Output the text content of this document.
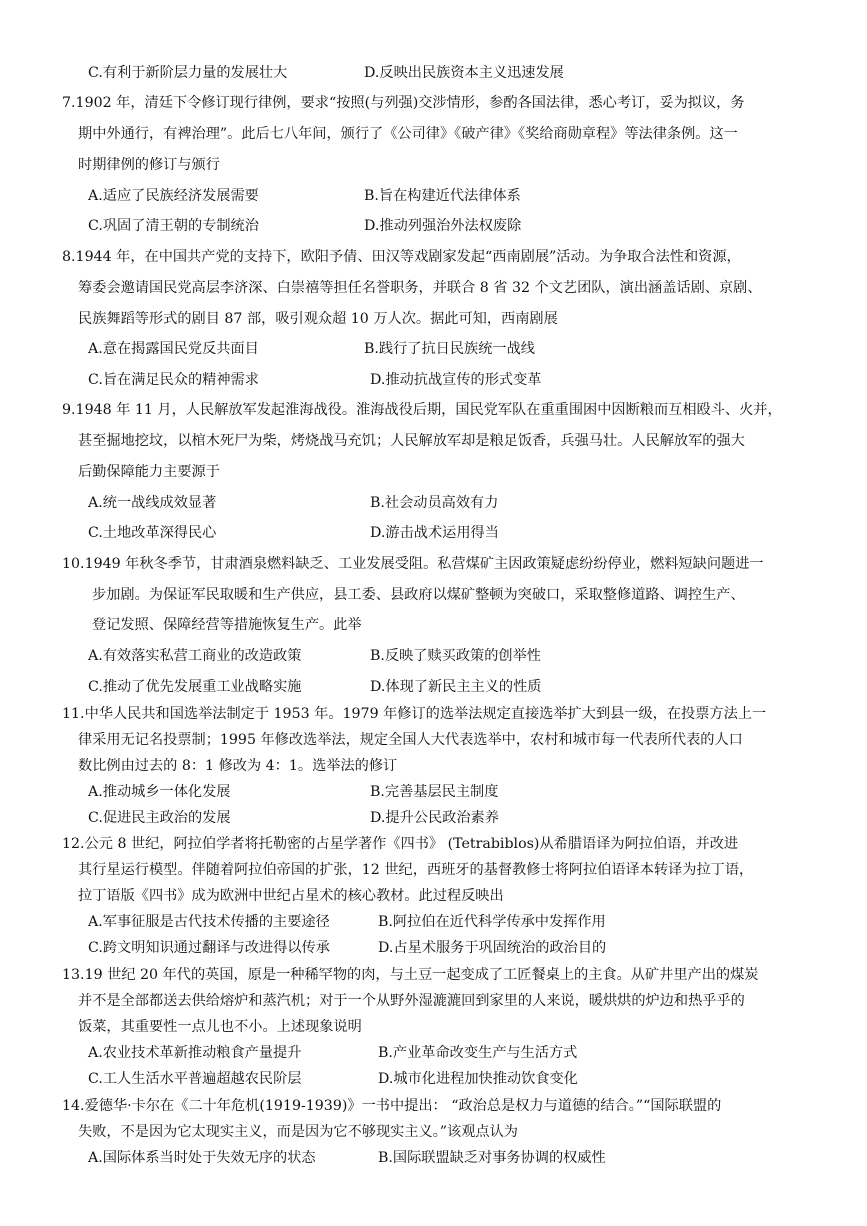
C.有利于新阶层力量的发展壮大	D.反映出民族资本主义迅速发展
7.1902 年，清廷下令修订现行律例，要求“按照(与列强)交涉情形，参酌各国法律，悉心考订，妥为拟议，务
期中外通行，有裨治理”。此后七八年间，颁行了《公司律》《破产律》《奖给商勋章程》等法律条例。这一
时期律例的修订与颁行
A.适应了民族经济发展需要	B.旨在构建近代法律体系
C.巩固了清王朝的专制统治	D.推动列强治外法权废除
8.1944 年，在中国共产党的支持下，欧阳予倩、田汉等戏剧家发起“西南剧展”活动。为争取合法性和资源，
筹委会邀请国民党高层李济深、白崇禧等担任名誉职务，并联合 8 省 32 个文艺团队，演出涵盖话剧、京剧、
民族舞蹈等形式的剧目 87 部，吸引观众超 10 万人次。据此可知，西南剧展
A.意在揭露国民党反共面目	B.践行了抗日民族统一战线
C.旨在满足民众的精神需求	D.推动抗战宣传的形式变革
9.1948 年 11 月，人民解放军发起淮海战役。淮海战役后期，国民党军队在重重围困中因断粮而互相殴斗、火并，
甚至掘地挖坟，以棺木死尸为柴，烤烧战马充饥；人民解放军却是粮足饭香，兵强马壮。人民解放军的强大
后勤保障能力主要源于
A.统一战线成效显著	B.社会动员高效有力
C.土地改革深得民心	D.游击战术运用得当
10.1949 年秋冬季节，甘肃酒泉燃料缺乏、工业发展受阻。私营煤矿主因政策疑虑纷纷停业，燃料短缺问题进一
步加剧。为保证军民取暖和生产供应，县工委、县政府以煤矿整顿为突破口，采取整修道路、调控生产、
登记发照、保障经营等措施恢复生产。此举
A.有效落实私营工商业的改造政策	B.反映了赎买政策的创举性
C.推动了优先发展重工业战略实施	D.体现了新民主主义的性质
11.中华人民共和国选举法制定于 1953 年。1979 年修订的选举法规定直接选举扩大到县一级，在投票方法上一
律采用无记名投票制；1995 年修改选举法，规定全国人大代表选举中，农村和城市每一代表所代表的人口
数比例由过去的 8：1 修改为 4：1。选举法的修订
A.推动城乡一体化发展	B.完善基层民主制度
C.促进民主政治的发展	D.提升公民政治素养
12.公元 8 世纪，阿拉伯学者将托勒密的占星学著作《四书》 (Tetrabiblos)从希腊语译为阿拉伯语，并改进
其行星运行模型。伴随着阿拉伯帝国的扩张，12 世纪，西班牙的基督教修士将阿拉伯语译本转译为拉丁语，
拉丁语版《四书》成为欧洲中世纪占星术的核心教材。此过程反映出
A.军事征服是古代技术传播的主要途径	B.阿拉伯在近代科学传承中发挥作用
C.跨文明知识通过翻译与改进得以传承	D.占星术服务于巩固统治的政治目的
13.19 世纪 20 年代的英国，原是一种稀罕物的肉，与土豆一起变成了工匠餐桌上的主食。从矿井里产出的煤炭
并不是全部都送去供给熔炉和蒸汽机；对于一个从野外湿漉漉回到家里的人来说，暖烘烘的炉边和热乎乎的
饭菜，其重要性一点儿也不小。上述现象说明
A.农业技术革新推动粮食产量提升	B.产业革命改变生产与生活方式
C.工人生活水平普遍超越农民阶层	D.城市化进程加快推动饮食变化
14.爱德华·卡尔在《二十年危机(1919-1939)》一书中提出： “政治总是权力与道德的结合。”“国际联盟的
失败，不是因为它太现实主义，而是因为它不够现实主义。”该观点认为
A.国际体系当时处于失效无序的状态	B.国际联盟缺乏对事务协调的权威性
